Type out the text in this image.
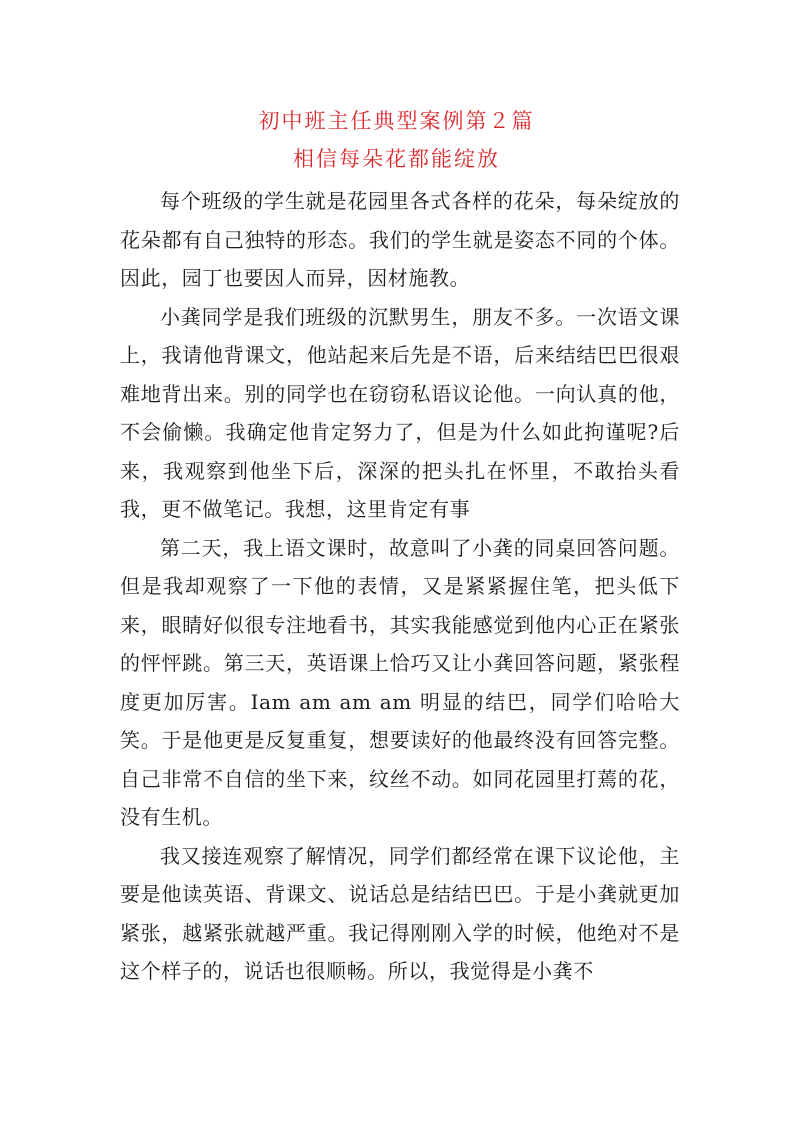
初中班主任典型案例第２篇
相信每朵花都能绽放

每个班级的学生就是花园里各式各样的花朵，每朵绽放的花朵都有自己独特的形态。我们的学生就是姿态不同的个体。因此，园丁也要因人而异，因材施教。

小龚同学是我们班级的沉默男生，朋友不多。一次语文课上，我请他背课文，他站起来后先是不语，后来结结巴巴很艰难地背出来。别的同学也在窃窃私语议论他。一向认真的他，不会偷懒。我确定他肯定努力了，但是为什么如此拘谨呢?后来，我观察到他坐下后，深深的把头扎在怀里，不敢抬头看我，更不做笔记。我想，这里肯定有事

第二天，我上语文课时，故意叫了小龚的同桌回答问题。但是我却观察了一下他的表情，又是紧紧握住笔，把头低下来，眼睛好似很专注地看书，其实我能感觉到他内心正在紧张的怦怦跳。第三天，英语课上恰巧又让小龚回答问题，紧张程度更加厉害。Iam am am am 明显的结巴，同学们哈哈大笑。于是他更是反复重复，想要读好的他最终没有回答完整。自己非常不自信的坐下来，纹丝不动。如同花园里打蔫的花，没有生机。

我又接连观察了解情况，同学们都经常在课下议论他，主要是他读英语、背课文、说话总是结结巴巴。于是小龚就更加紧张，越紧张就越严重。我记得刚刚入学的时候，他绝对不是这个样子的，说话也很顺畅。所以，我觉得是小龚不
